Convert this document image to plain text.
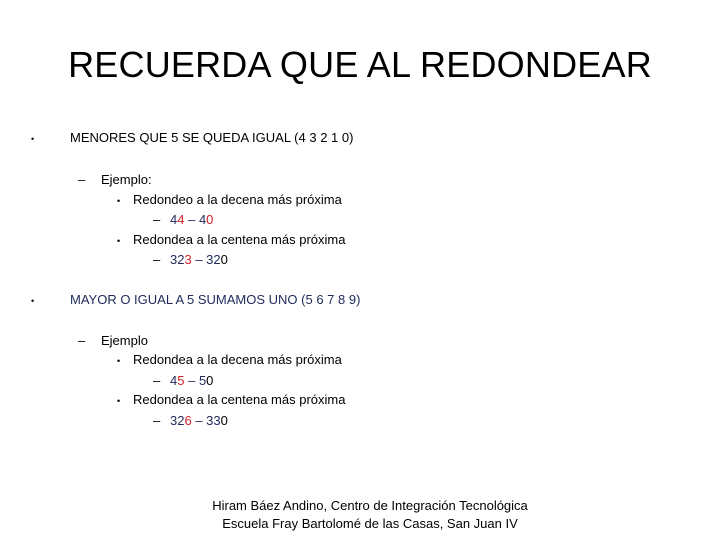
RECUERDA QUE AL REDONDEAR
•	MENORES QUE 5 SE QUEDA IGUAL (4 3 2 1 0)
– Ejemplo:
• Redondeo a la decena más próxima
– 44 – 40
• Redondea a la centena más próxima
– 323 – 320
•	MAYOR O IGUAL A 5 SUMAMOS UNO (5 6 7 8 9)
– Ejemplo
• Redondea a la decena más próxima
– 45 – 50
• Redondea a la centena más próxima
– 326 – 330
Hiram Báez Andino, Centro de Integración Tecnológica
Escuela Fray Bartolomé de las Casas, San Juan IV
